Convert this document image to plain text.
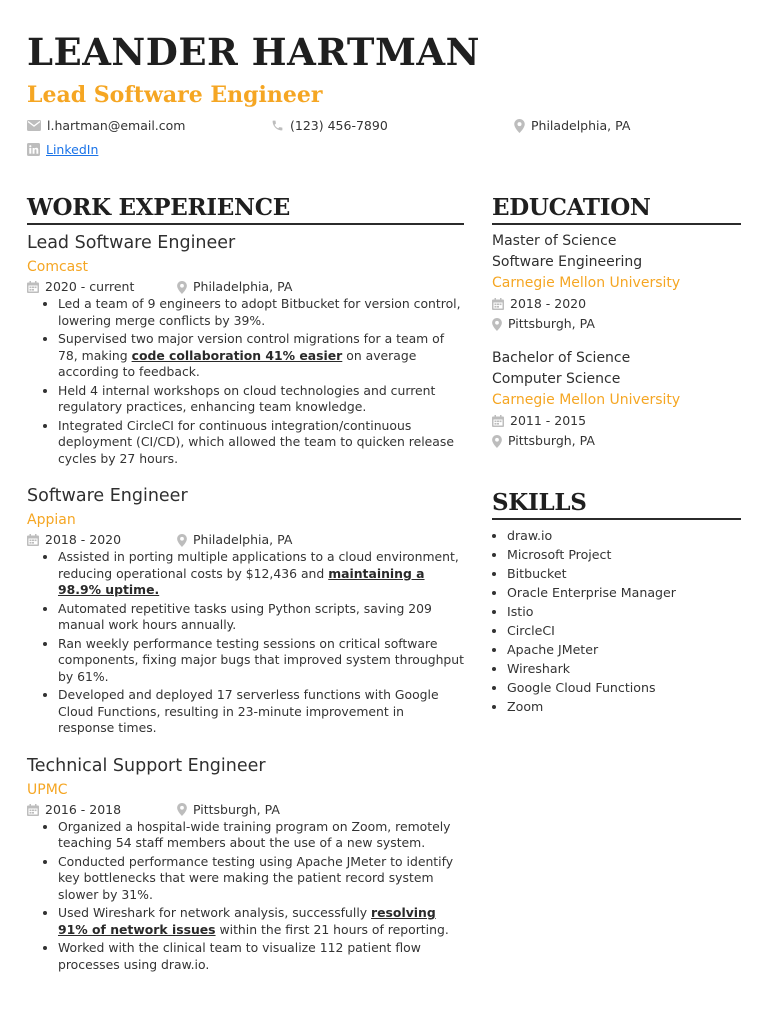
LEANDER HARTMAN
Lead Software Engineer
l.hartman@email.com	(123) 456-7890	Philadelphia, PA
LinkedIn
WORK EXPERIENCE

Lead Software Engineer

Comcast

2020 - current	Philadelphia, PA
• Led a team of 9 engineers to adopt Bitbucket for version control, lowering merge conflicts by 39%.
• Supervised two major version control migrations for a team of 78, making code collaboration 41% easier on average according to feedback.
• Held 4 internal workshops on cloud technologies and current regulatory practices, enhancing team knowledge.
• Integrated CircleCI for continuous integration/continuous deployment (CI/CD), which allowed the team to quicken release cycles by 27 hours.

Software Engineer

Appian

2018 - 2020	Philadelphia, PA
• Assisted in porting multiple applications to a cloud environment, reducing operational costs by $12,436 and maintaining a 98.9% uptime.
• Automated repetitive tasks using Python scripts, saving 209 manual work hours annually.
• Ran weekly performance testing sessions on critical software components, fixing major bugs that improved system throughput by 61%.
• Developed and deployed 17 serverless functions with Google Cloud Functions, resulting in 23-minute improvement in response times.

Technical Support Engineer

UPMC

2016 - 2018	Pittsburgh, PA
• Organized a hospital-wide training program on Zoom, remotely teaching 54 staff members about the use of a new system.
• Conducted performance testing using Apache JMeter to identify key bottlenecks that were making the patient record system slower by 31%.
• Used Wireshark for network analysis, successfully resolving 91% of network issues within the first 21 hours of reporting.
• Worked with the clinical team to visualize 112 patient flow processes using draw.io.
EDUCATION

Master of Science

Software Engineering

Carnegie Mellon University

2018 - 2020
Pittsburgh, PA

Bachelor of Science

Computer Science

Carnegie Mellon University

2011 - 2015
Pittsburgh, PA
SKILLS
• draw.io
• Microsoft Project
• Bitbucket
• Oracle Enterprise Manager
• Istio
• CircleCI
• Apache JMeter
• Wireshark
• Google Cloud Functions
• Zoom
